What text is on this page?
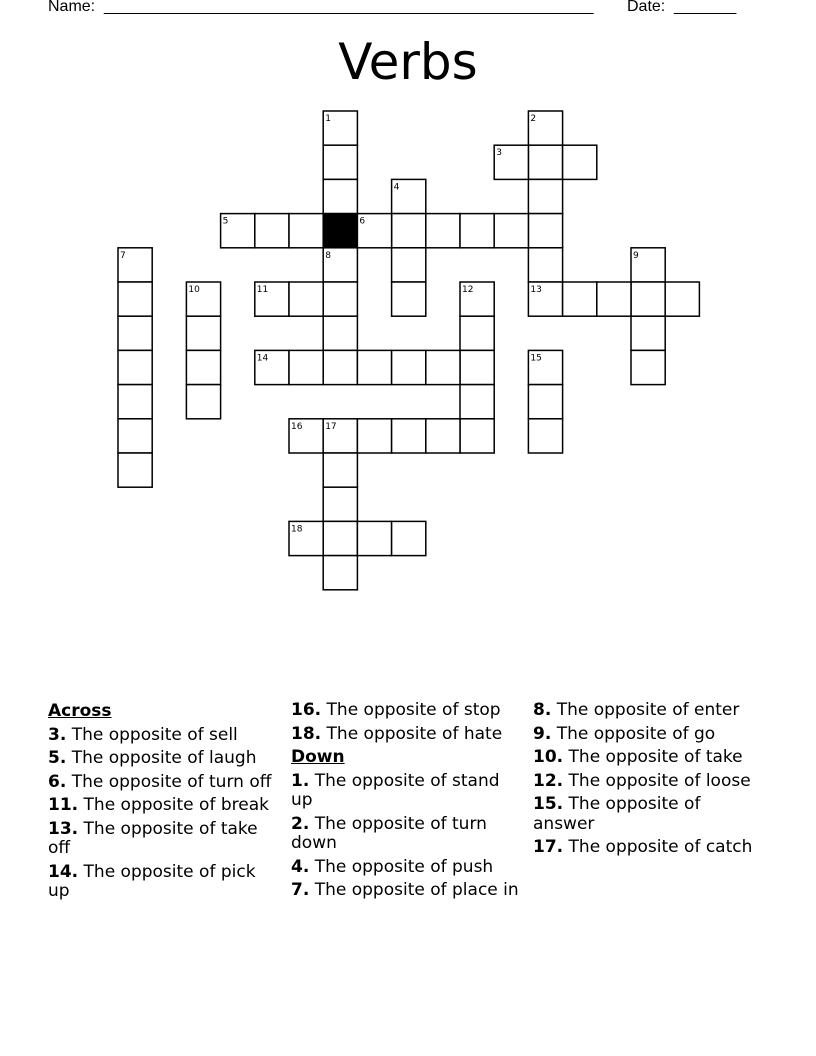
Name: _______________________________________________________ Date: _______
Verbs
1	2
3
4
5	6
7	8	9
10	11	12	13
14	15
16	17
18
Across
3. The opposite of sell
5. The opposite of laugh
6. The opposite of turn off
11. The opposite of break
13. The opposite of take off
14. The opposite of pick up
16. The opposite of stop
18. The opposite of hate
Down
1. The opposite of stand up
2. The opposite of turn down
4. The opposite of push
7. The opposite of place in
8. The opposite of enter
9. The opposite of go
10. The opposite of take
12. The opposite of loose
15. The opposite of answer
17. The opposite of catch
